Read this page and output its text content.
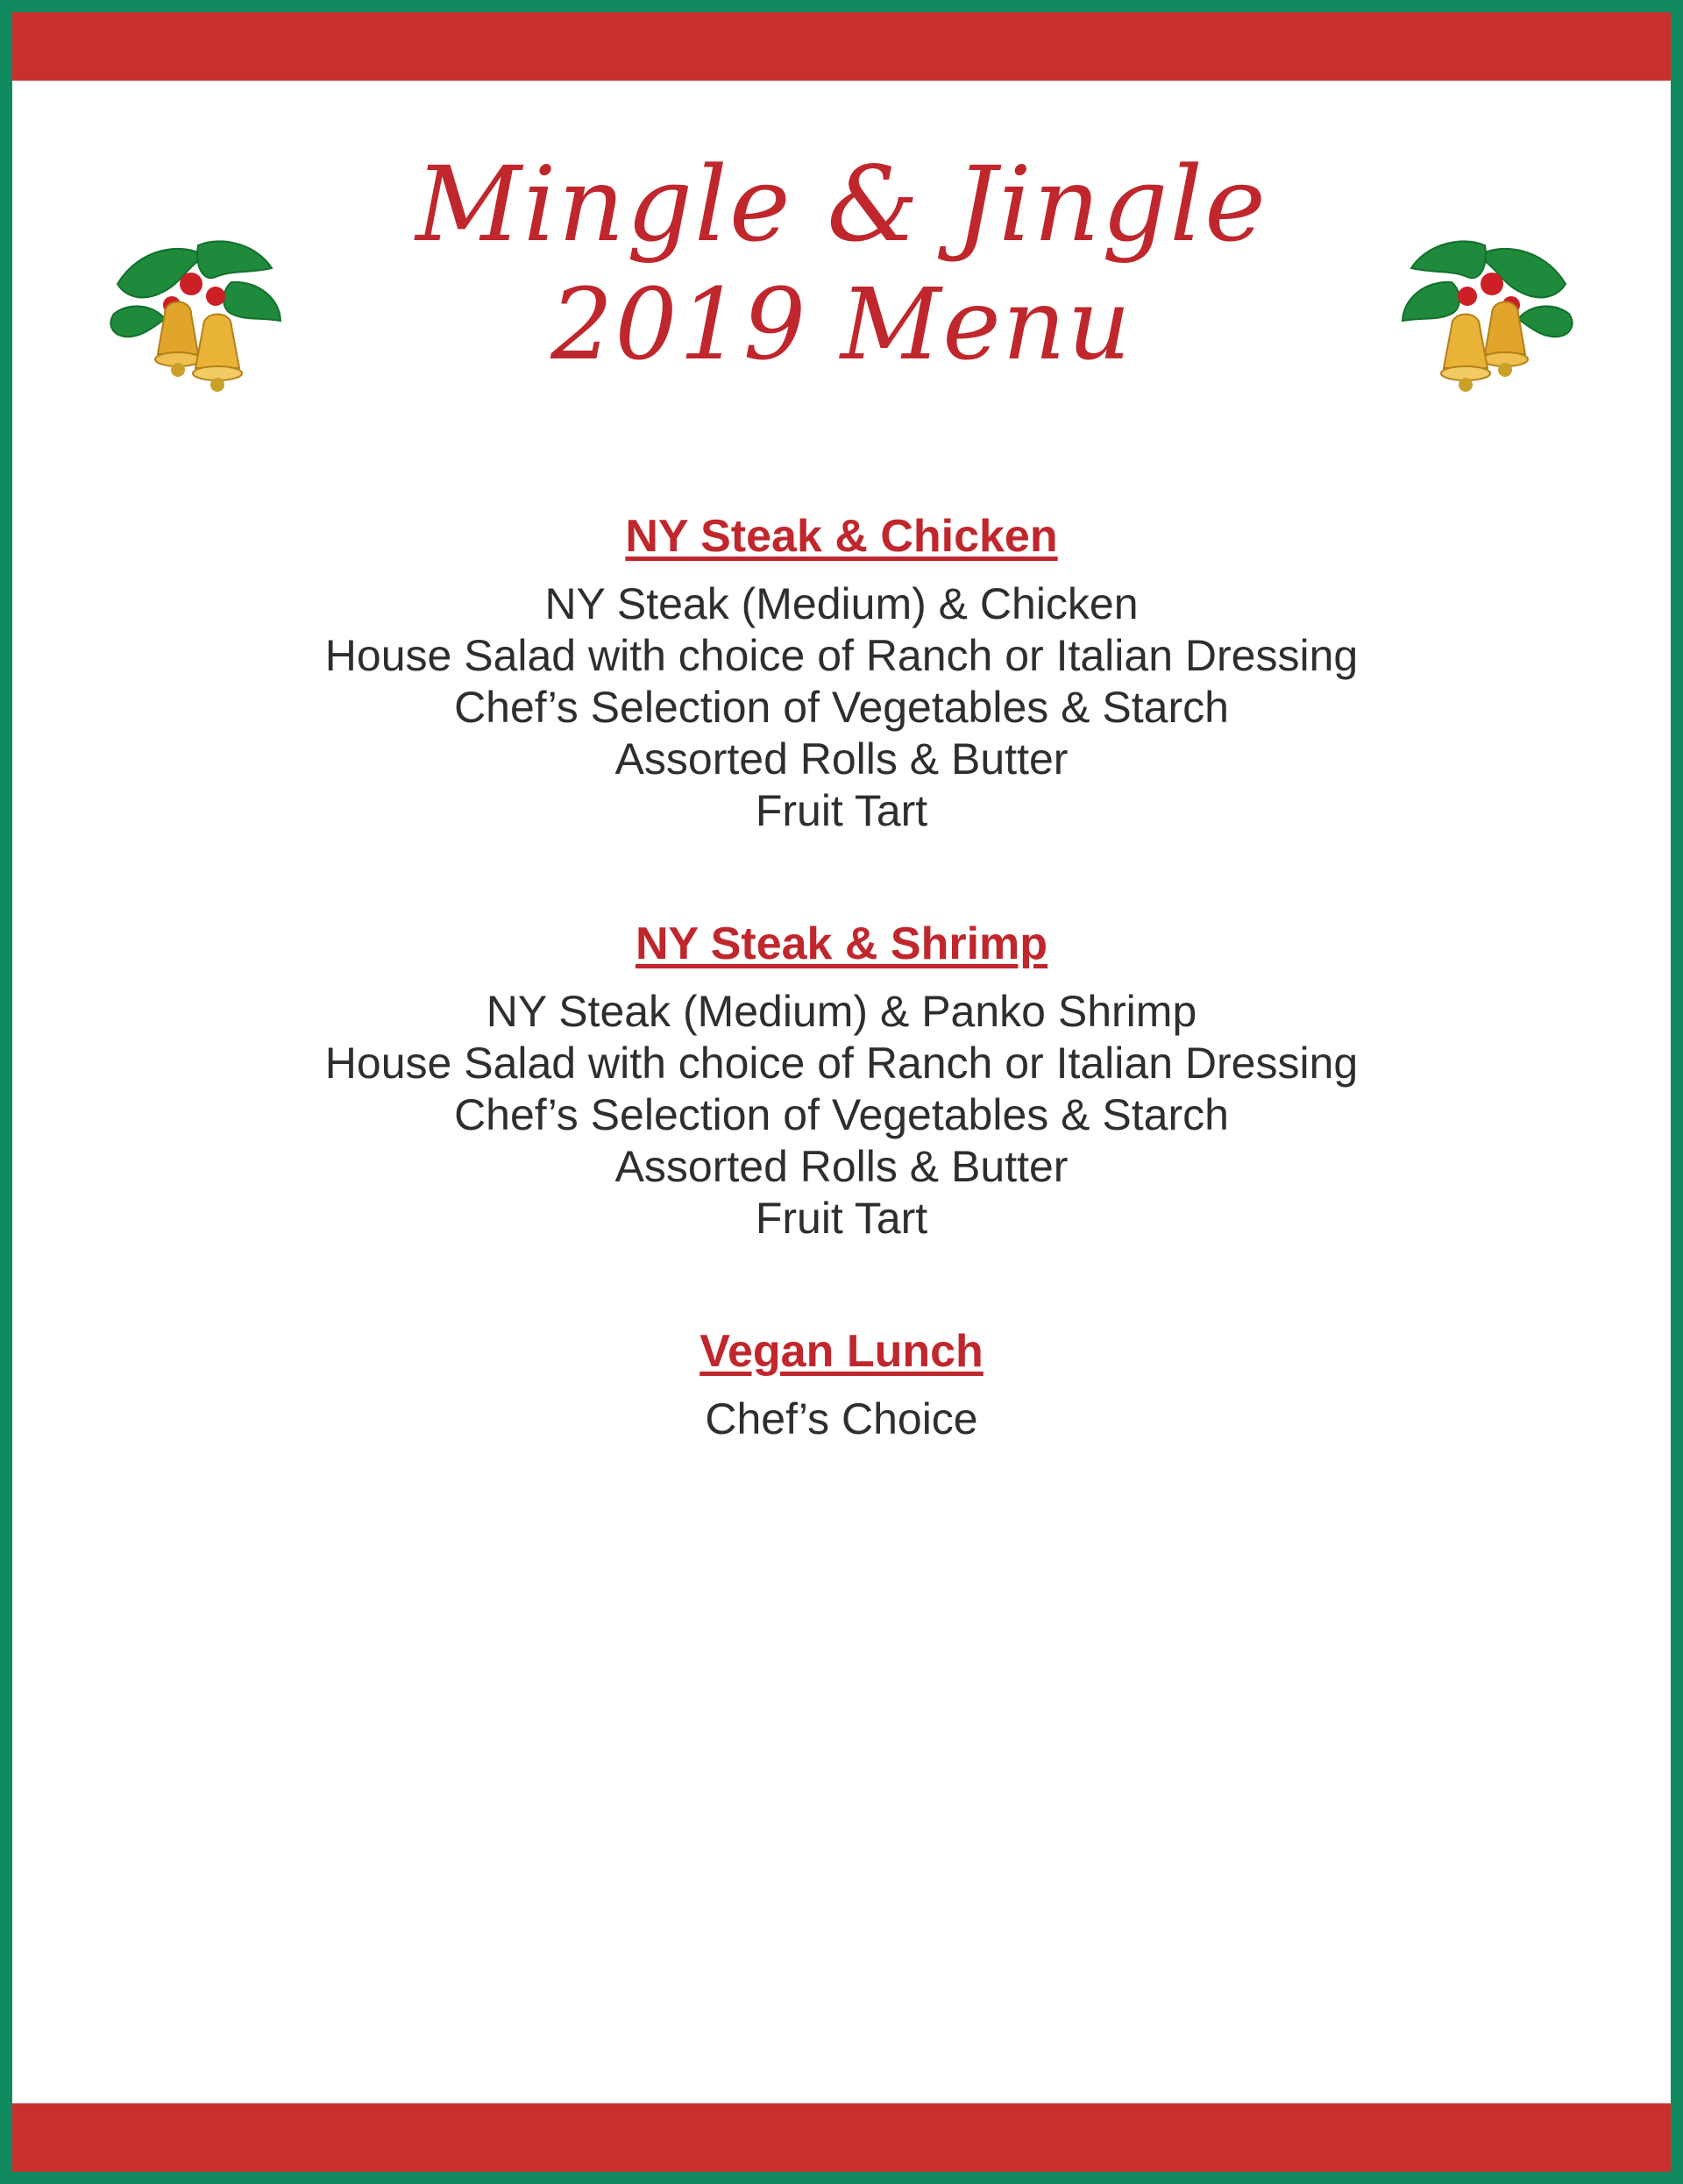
Mingle & Jingle
2019 Menu
NY Steak & Chicken
NY Steak (Medium) & Chicken
House Salad with choice of Ranch or Italian Dressing
Chef’s Selection of Vegetables & Starch
Assorted Rolls & Butter
Fruit Tart
NY Steak & Shrimp
NY Steak (Medium) & Panko Shrimp
House Salad with choice of Ranch or Italian Dressing
Chef’s Selection of Vegetables & Starch
Assorted Rolls & Butter
Fruit Tart
Vegan Lunch
Chef’s Choice
